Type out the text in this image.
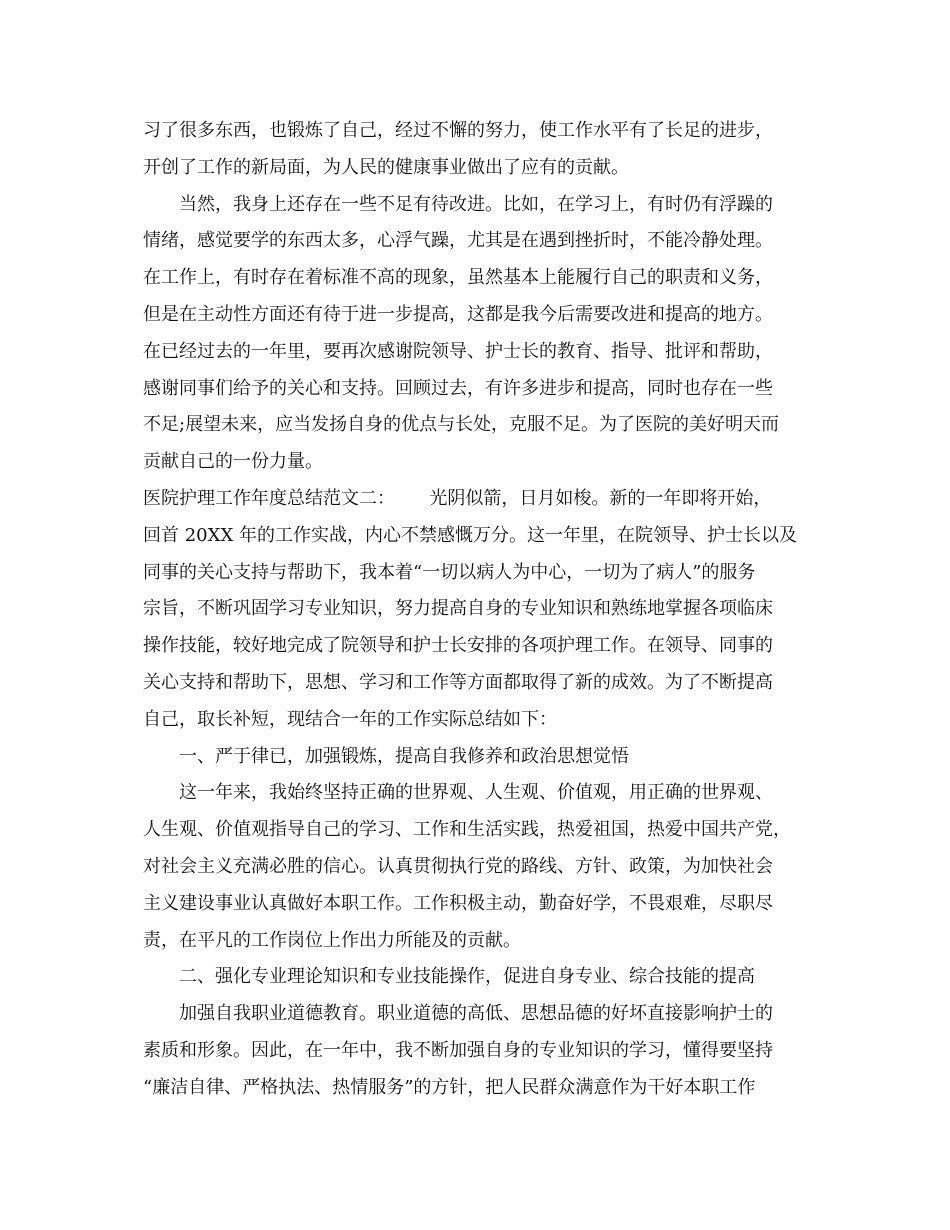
习了很多东西，也锻炼了自己，经过不懈的努力，使工作水平有了长足的进步，
开创了工作的新局面，为人民的健康事业做出了应有的贡献。
当然，我身上还存在一些不足有待改进。比如，在学习上，有时仍有浮躁的
情绪，感觉要学的东西太多，心浮气躁，尤其是在遇到挫折时，不能冷静处理。
在工作上，有时存在着标准不高的现象，虽然基本上能履行自己的职责和义务，
但是在主动性方面还有待于进一步提高，这都是我今后需要改进和提高的地方。
在已经过去的一年里，要再次感谢院领导、护士长的教育、指导、批评和帮助，
感谢同事们给予的关心和支持。回顾过去，有许多进步和提高，同时也存在一些
不足;展望未来，应当发扬自身的优点与长处，克服不足。为了医院的美好明天而
贡献自己的一份力量。
医院护理工作年度总结范文二：      光阴似箭，日月如梭。新的一年即将开始，
回首 20XX 年的工作实战，内心不禁感慨万分。这一年里，在院领导、护士长以及
同事的关心支持与帮助下，我本着“一切以病人为中心，一切为了病人”的服务
宗旨，不断巩固学习专业知识，努力提高自身的专业知识和熟练地掌握各项临床
操作技能，较好地完成了院领导和护士长安排的各项护理工作。在领导、同事的
关心支持和帮助下，思想、学习和工作等方面都取得了新的成效。为了不断提高
自己，取长补短，现结合一年的工作实际总结如下：
一、严于律已，加强锻炼，提高自我修养和政治思想觉悟
这一年来，我始终坚持正确的世界观、人生观、价值观，用正确的世界观、
人生观、价值观指导自己的学习、工作和生活实践，热爱祖国，热爱中国共产党，
对社会主义充满必胜的信心。认真贯彻执行党的路线、方针、政策，为加快社会
主义建设事业认真做好本职工作。工作积极主动，勤奋好学，不畏艰难，尽职尽
责，在平凡的工作岗位上作出力所能及的贡献。
二、强化专业理论知识和专业技能操作，促进自身专业、综合技能的提高
加强自我职业道德教育。职业道德的高低、思想品德的好坏直接影响护士的
素质和形象。因此，在一年中，我不断加强自身的专业知识的学习，懂得要坚持
“廉洁自律、严格执法、热情服务”的方针，把人民群众满意作为干好本职工作
